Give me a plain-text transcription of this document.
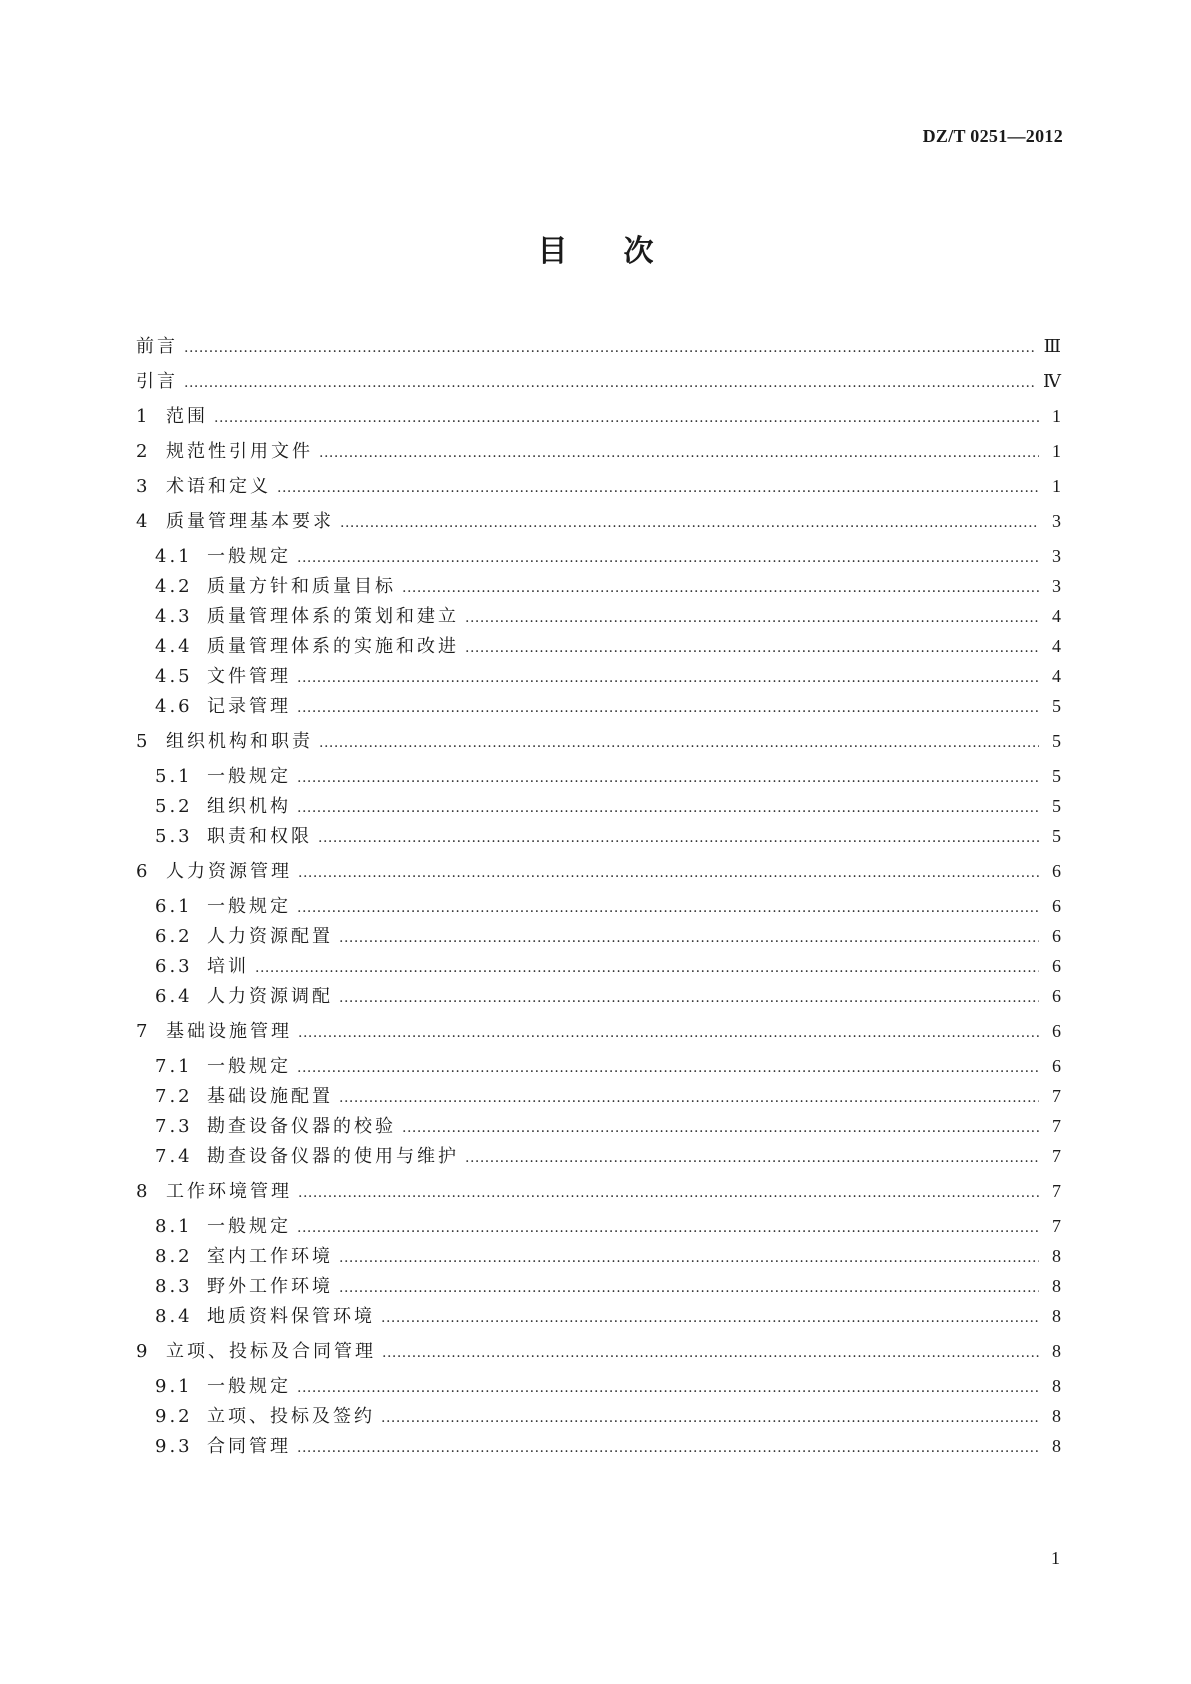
DZ/T 0251—2012
目次
前言 .....	Ⅲ
引言 .....	Ⅳ
1 范围 .....	1
2 规范性引用文件 .....	1
3 术语和定义 .....	1
4 质量管理基本要求 .....	3
4.1 一般规定 .....	3
4.2 质量方针和质量目标 .....	3
4.3 质量管理体系的策划和建立 .....	4
4.4 质量管理体系的实施和改进 .....	4
4.5 文件管理 .....	4
4.6 记录管理 .....	5
5 组织机构和职责 .....	5
5.1 一般规定 .....	5
5.2 组织机构 .....	5
5.3 职责和权限 .....	5
6 人力资源管理 .....	6
6.1 一般规定 .....	6
6.2 人力资源配置 .....	6
6.3 培训 .....	6
6.4 人力资源调配 .....	6
7 基础设施管理 .....	6
7.1 一般规定 .....	6
7.2 基础设施配置 .....	7
7.3 勘查设备仪器的校验 .....	7
7.4 勘查设备仪器的使用与维护 .....	7
8 工作环境管理 .....	7
8.1 一般规定 .....	7
8.2 室内工作环境 .....	8
8.3 野外工作环境 .....	8
8.4 地质资料保管环境 .....	8
9 立项、投标及合同管理 .....	8
9.1 一般规定 .....	8
9.2 立项、投标及签约 .....	8
9.3 合同管理 .....	8
1
